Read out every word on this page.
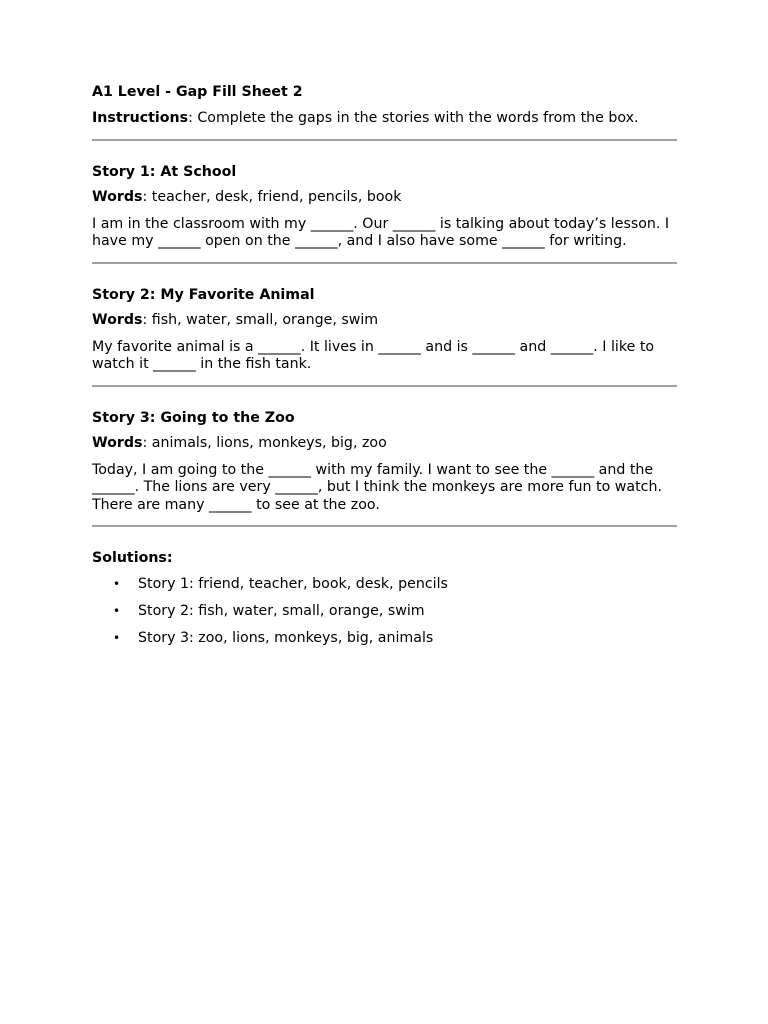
A1 Level - Gap Fill Sheet 2

Instructions: Complete the gaps in the stories with the words from the box.

Story 1: At School

Words: teacher, desk, friend, pencils, book

I am in the classroom with my ______. Our ______ is talking about today’s lesson. I
have my ______ open on the ______, and I also have some ______ for writing.

Story 2: My Favorite Animal

Words: fish, water, small, orange, swim

My favorite animal is a ______. It lives in ______ and is ______ and ______. I like to
watch it ______ in the fish tank.

Story 3: Going to the Zoo

Words: animals, lions, monkeys, big, zoo

Today, I am going to the ______ with my family. I want to see the ______ and the
______. The lions are very ______, but I think the monkeys are more fun to watch.
There are many ______ to see at the zoo.

Solutions:

• Story 1: friend, teacher, book, desk, pencils
• Story 2: fish, water, small, orange, swim
• Story 3: zoo, lions, monkeys, big, animals
